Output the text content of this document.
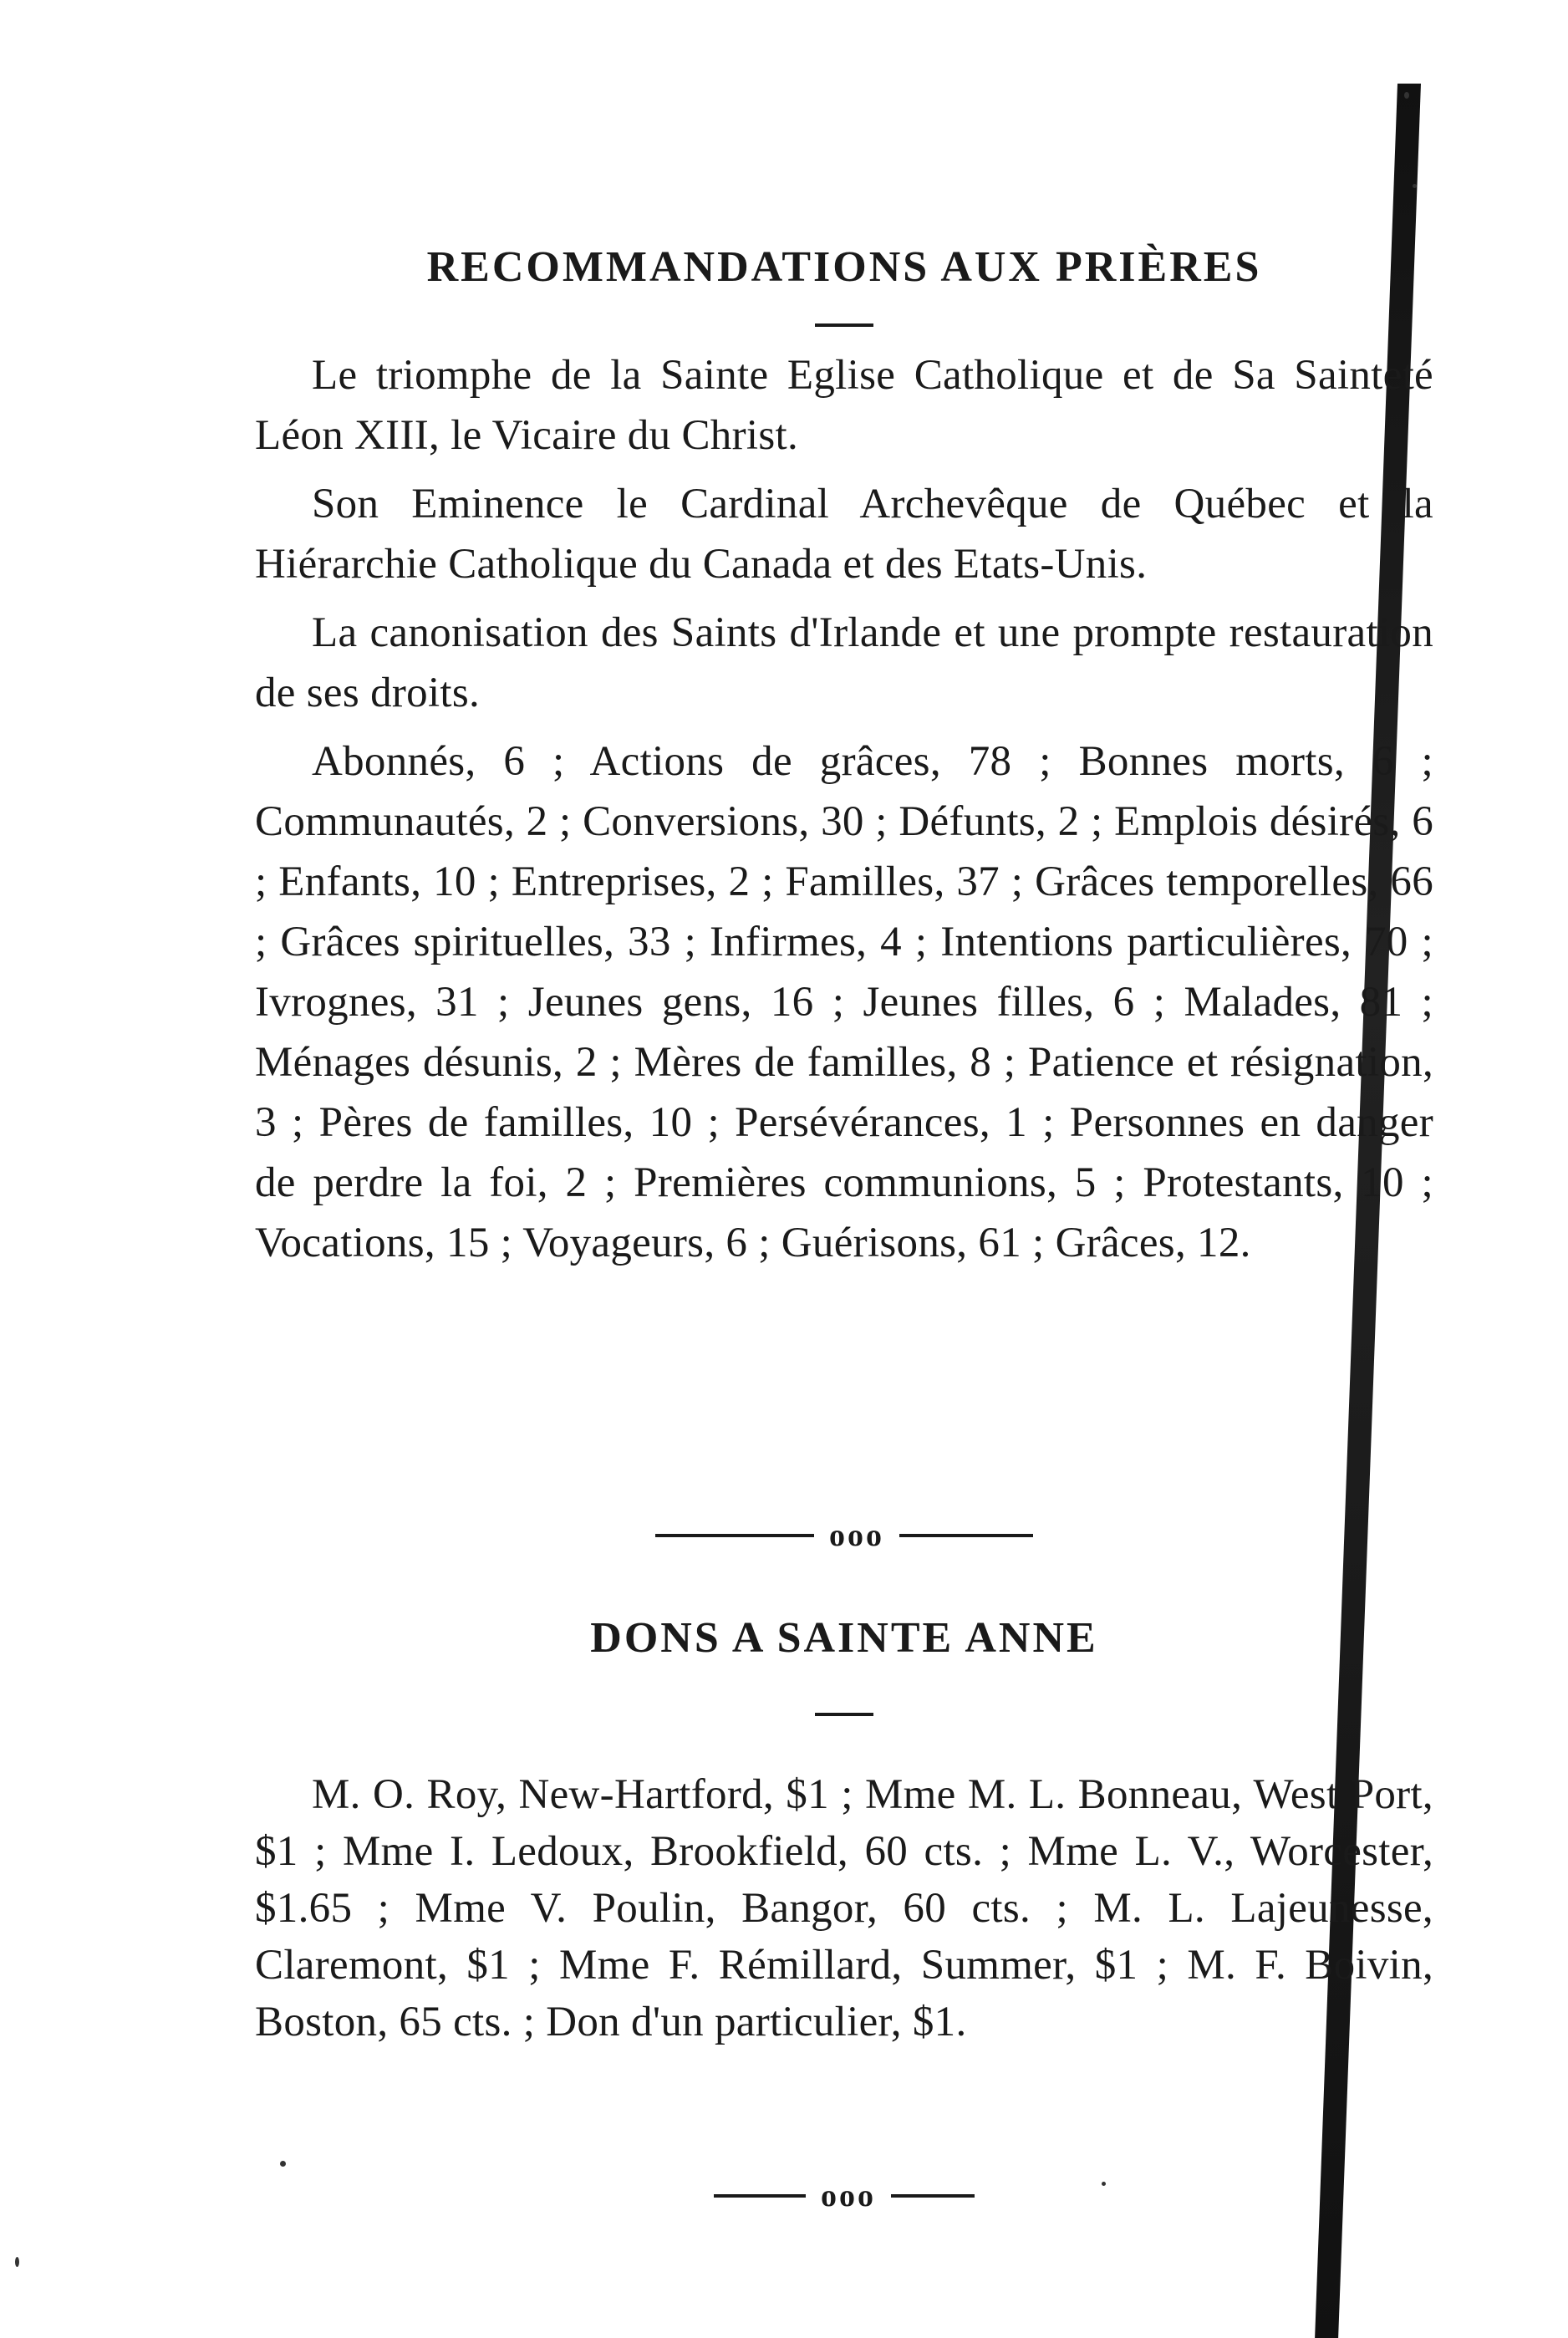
RECOMMANDATIONS AUX PRIÈRES

Le triomphe de la Sainte Eglise Catholique et de Sa Sainteté Léon XIII, le Vicaire du Christ.

Son Eminence le Cardinal Archevêque de Québec et la Hiérarchie Catholique du Canada et des Etats-Unis.

La canonisation des Saints d'Irlande et une prompte restauration de ses droits.

Abonnés, 6 ; Actions de grâces, 78 ; Bonnes morts, 6 ; Communautés, 2 ; Conversions, 30 ; Défunts, 2 ; Emplois désirés, 6 ; Enfants, 10 ; Entreprises, 2 ; Familles, 37 ; Grâces temporelles, 66 ; Grâces spirituelles, 33 ; Infirmes, 4 ; Intentions particulières, 70 ; Ivrognes, 31 ; Jeunes gens, 16 ; Jeunes filles, 6 ; Malades, 81 ; Ménages désunis, 2 ; Mères de familles, 8 ; Patience et résignation, 3 ; Pères de familles, 10 ; Persévérances, 1 ; Personnes en danger de perdre la foi, 2 ; Premières communions, 5 ; Protestants, 10 ; Vocations, 15 ; Voyageurs, 6 ; Guérisons, 61 ; Grâces, 12.

ooo
DONS A SAINTE ANNE

M. O. Roy, New-Hartford, $1 ; Mme M. L. Bonneau, West Port, $1 ; Mme I. Ledoux, Brookfield, 60 cts. ; Mme L. V., Worcester, $1.65 ; Mme V. Poulin, Bangor, 60 cts. ; M. L. Lajeunesse, Claremont, $1 ; Mme F. Rémillard, Summer, $1 ; M. F. Boivin, Boston, 65 cts. ; Don d'un particulier, $1.

ooo
